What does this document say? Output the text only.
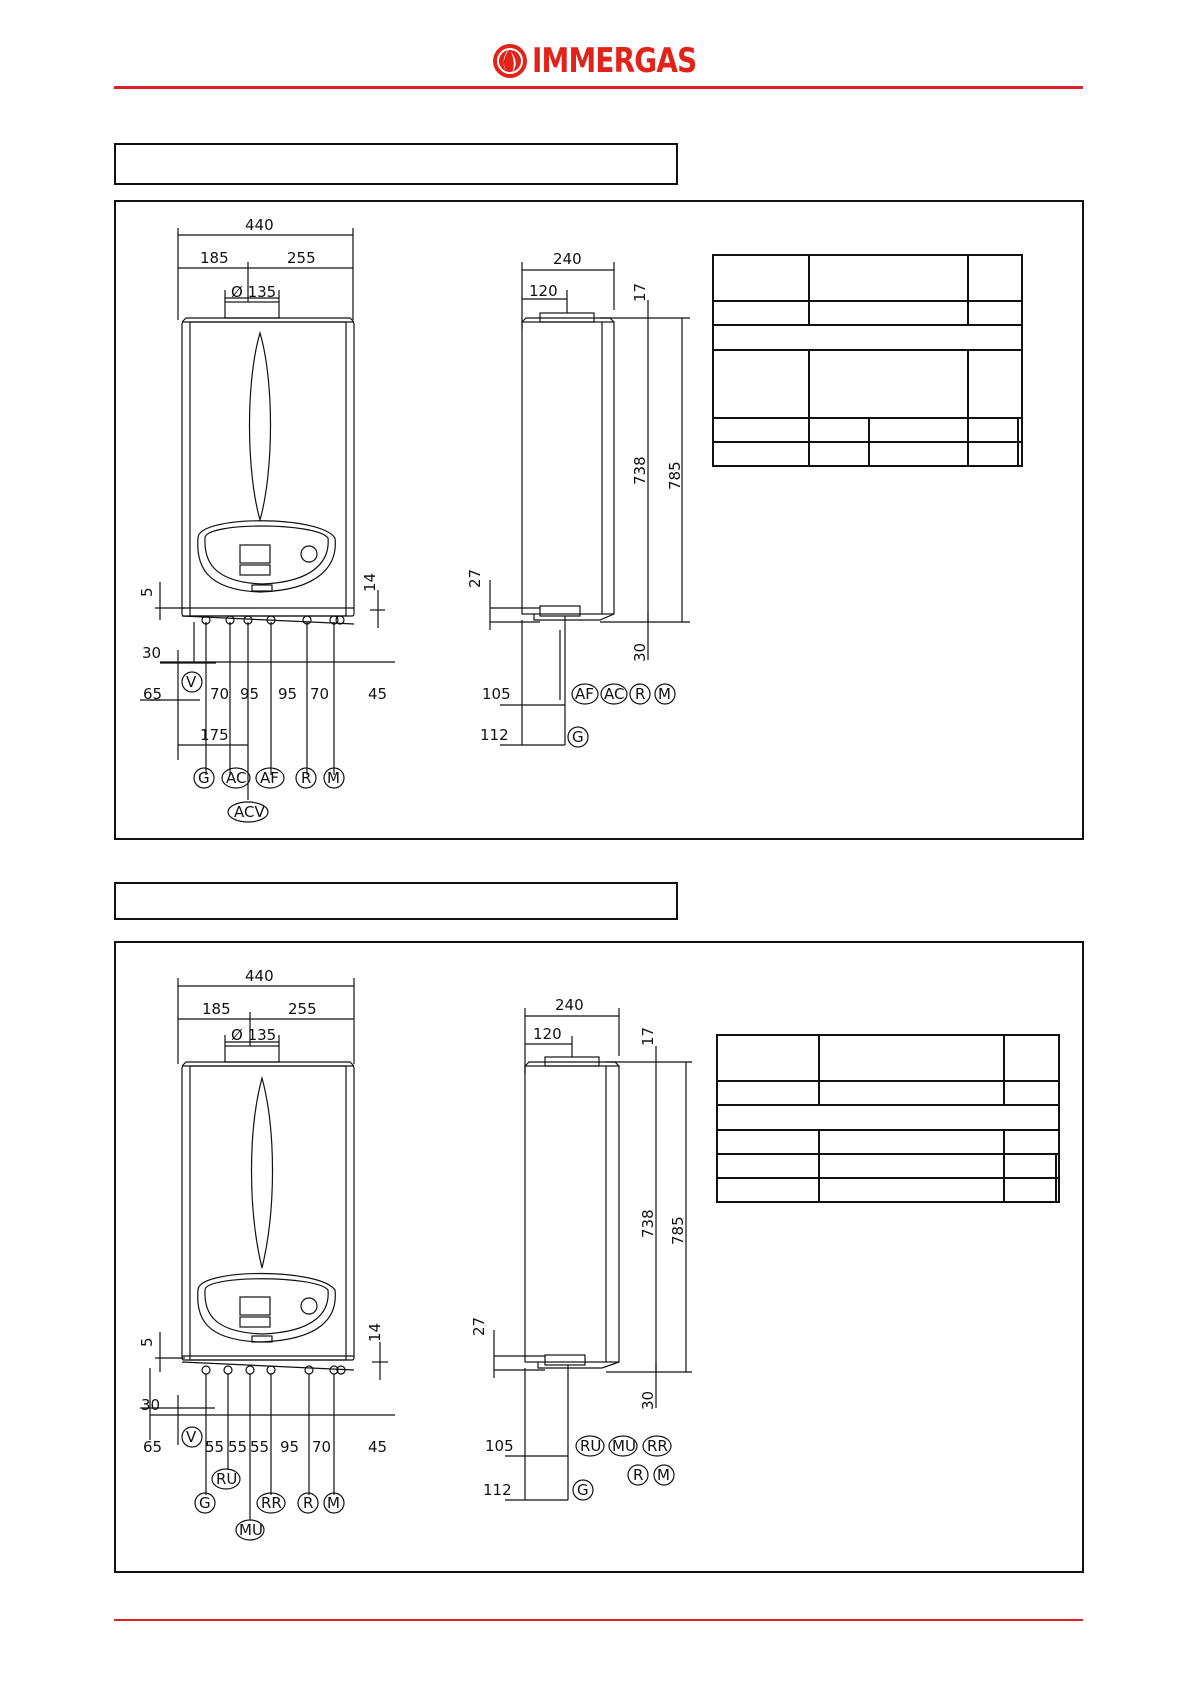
IMMERGAS

440
185	255
Ø 135
5
14
30
65	70 95 95 70	45
175
V
G AC AF R M
ACV
240
120	17
738 785
27
30
105
112
AF AC R M
G
440
185	255
Ø 135
5
14
30
65	55 55 55 95 70 45
V
RU
G	RR R M
MU
240
120	17
738 785
27
30
105
112
RU MU RR
R M
G
